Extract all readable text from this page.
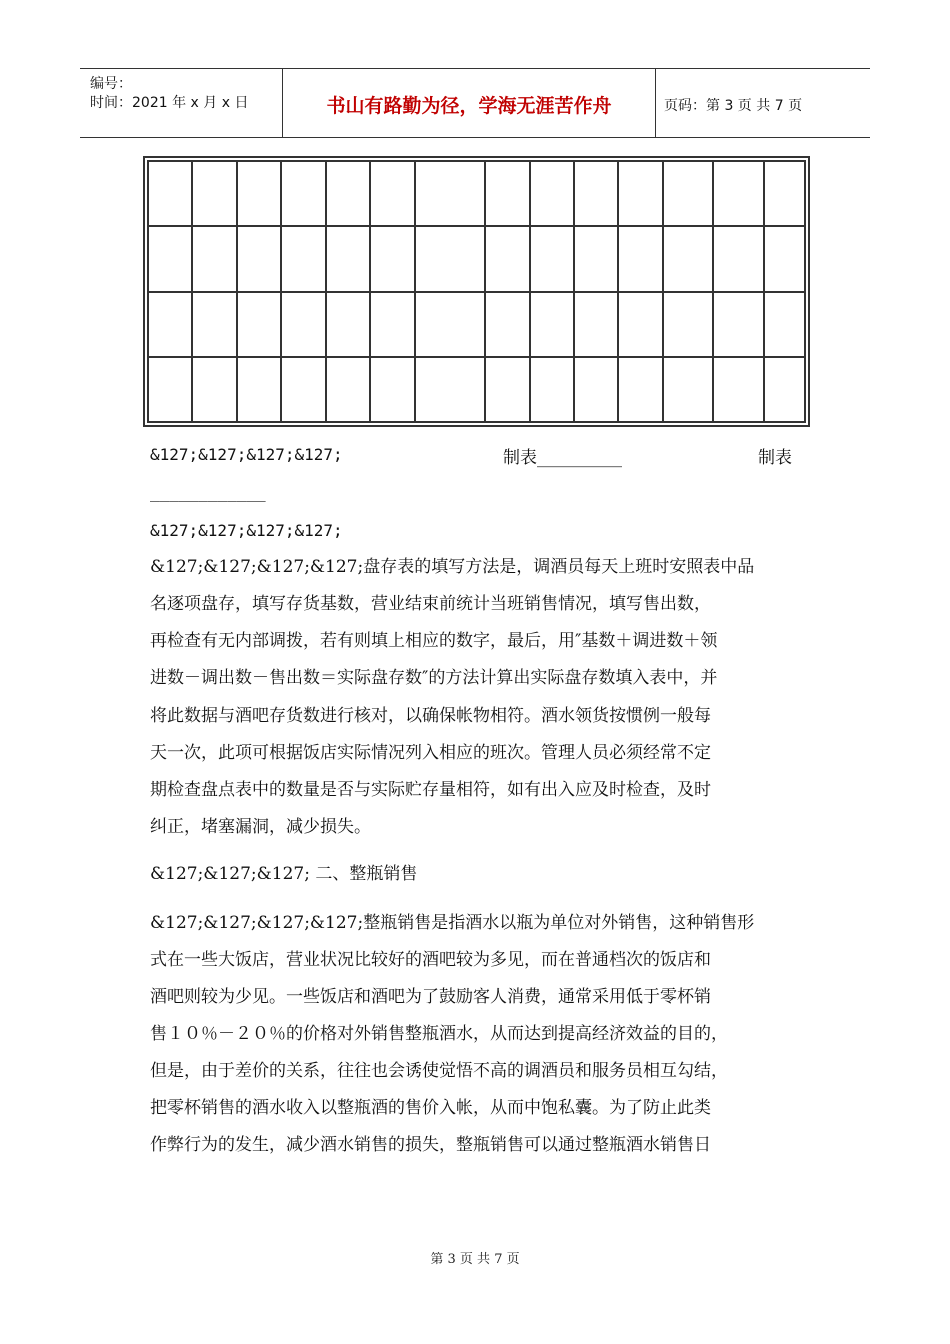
编号：
时间：2021 年 x 月 x 日	书山有路勤为径，学海无涯苦作舟	页码：第 3 页 共 7 页

&127;&127;&127;&127;	制表__________	制表
____________
&127;&127;&127;&127;
&127;&127;&127;&127;盘存表的填写方法是，调酒员每天上班时安照表中品
名逐项盘存，填写存货基数，营业结束前统计当班销售情况，填写售出数，
再检查有无内部调拨，若有则填上相应的数字，最后，用″基数＋调进数＋领
进数－调出数－售出数＝实际盘存数″的方法计算出实际盘存数填入表中，并
将此数据与酒吧存货数进行核对，以确保帐物相符。酒水领货按惯例一般每
天一次，此项可根据饭店实际情况列入相应的班次。管理人员必须经常不定
期检查盘点表中的数量是否与实际贮存量相符，如有出入应及时检查，及时
纠正，堵塞漏洞，减少损失。
&127;&127;&127; 二、整瓶销售
&127;&127;&127;&127;整瓶销售是指酒水以瓶为单位对外销售，这种销售形
式在一些大饭店，营业状况比较好的酒吧较为多见，而在普通档次的饭店和
酒吧则较为少见。一些饭店和酒吧为了鼓励客人消费，通常采用低于零杯销
售１０％－２０％的价格对外销售整瓶酒水，从而达到提高经济效益的目的，
但是，由于差价的关系，往往也会诱使觉悟不高的调酒员和服务员相互勾结，
把零杯销售的酒水收入以整瓶酒的售价入帐，从而中饱私囊。为了防止此类
作弊行为的发生，减少酒水销售的损失，整瓶销售可以通过整瓶酒水销售日
第 3 页 共 7 页
